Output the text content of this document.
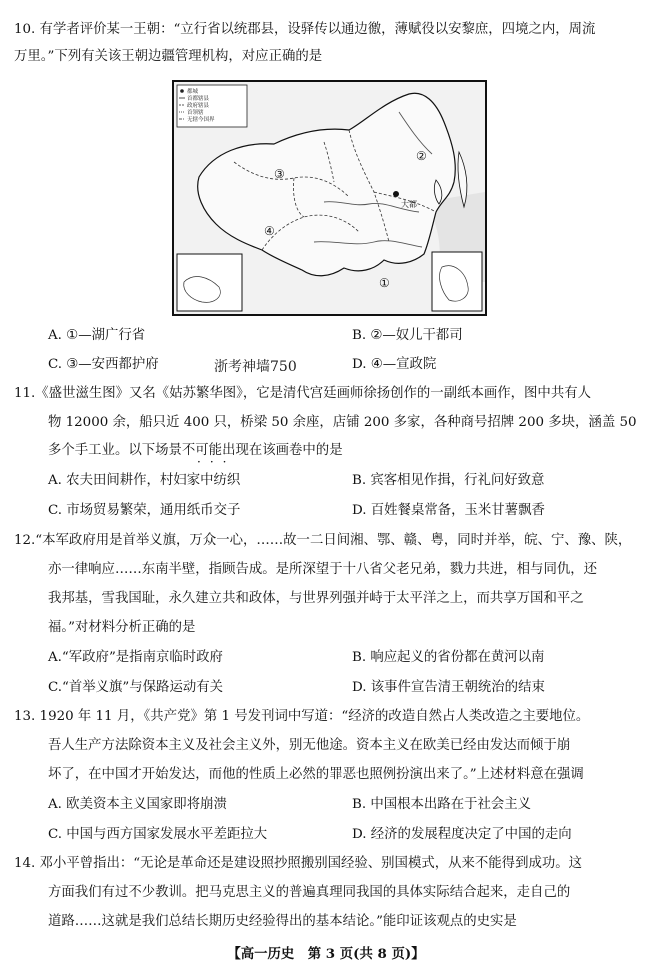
10. 有学者评价某一王朝：“立行省以统郡县，设驿传以通边徼，薄赋役以安黎庶，四境之内，周流
万里。”下列有关该王朝边疆管理机构，对应正确的是
都城
首都辖县
政府辖县
首领辖
无辖今国界
大都
②
③
④
①
A. ①—湖广行省	B. ②—奴儿干都司
C. ③—安西都护府	浙考神墙750	D. ④—宣政院
11.《盛世滋生图》又名《姑苏繁华图》，它是清代宫廷画师徐扬创作的一副纸本画作，图中共有人
物 12000 余，船只近 400 只，桥梁 50 余座，店铺 200 多家，各种商号招牌 200 多块，涵盖 50
多个手工业。以下场景不可能出现在该画卷中的是
···
A. 农夫田间耕作，村妇家中纺织	B. 宾客相见作揖，行礼问好致意
C. 市场贸易繁荣，通用纸币交子	D. 百姓餐桌常备，玉米甘薯飘香
12.“本军政府用是首举义旗，万众一心，……故一二日间湘、鄂、赣、粤，同时并举，皖、宁、豫、陕，
亦一律响应……东南半壁，指顾告成。是所深望于十八省父老兄弟，戮力共进，相与同仇，还
我邦基，雪我国耻，永久建立共和政体，与世界列强并峙于太平洋之上，而共享万国和平之
福。”对材料分析正确的是
A.“军政府”是指南京临时政府	B. 响应起义的省份都在黄河以南
C.“首举义旗”与保路运动有关	D. 该事件宣告清王朝统治的结束
13. 1920 年 11 月，《共产党》第 1 号发刊词中写道：“经济的改造自然占人类改造之主要地位。
吾人生产方法除资本主义及社会主义外，别无他途。资本主义在欧美已经由发达而倾于崩
坏了，在中国才开始发达，而他的性质上必然的罪恶也照例扮演出来了。”上述材料意在强调
A. 欧美资本主义国家即将崩溃	B. 中国根本出路在于社会主义
C. 中国与西方国家发展水平差距拉大	D. 经济的发展程度决定了中国的走向
14. 邓小平曾指出：“无论是革命还是建设照抄照搬别国经验、别国模式，从来不能得到成功。这
方面我们有过不少教训。把马克思主义的普遍真理同我国的具体实际结合起来，走自己的
道路……这就是我们总结长期历史经验得出的基本结论。”能印证该观点的史实是
【高一历史　第 3 页(共 8 页)】
